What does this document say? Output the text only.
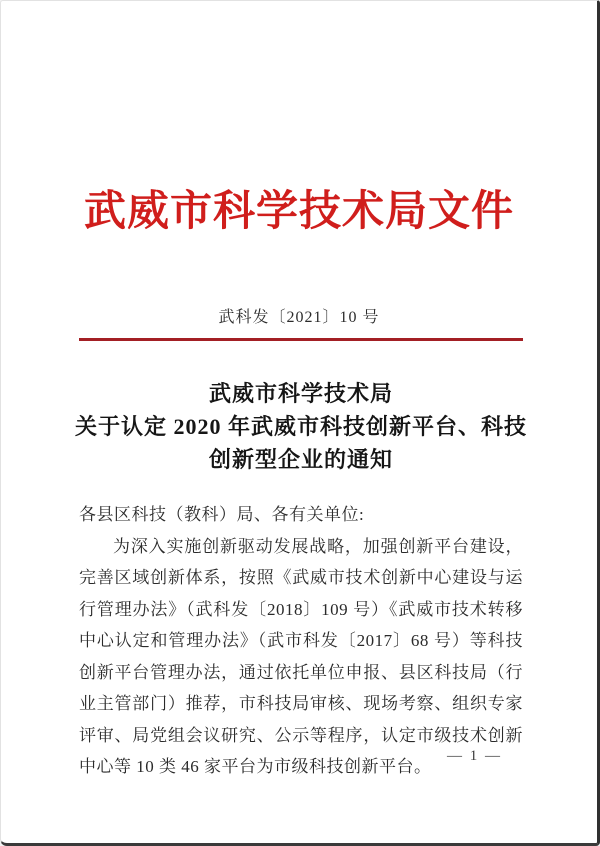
武威市科学技术局文件
武科发〔2021〕10 号
武威市科学技术局
关于认定 2020 年武威市科技创新平台、科技
创新型企业的通知
各县区科技（教科）局、各有关单位:

为深入实施创新驱动发展战略，加强创新平台建设，完善区域创新体系，按照《武威市技术创新中心建设与运行管理办法》（武科发〔2018〕109 号）《武威市技术转移中心认定和管理办法》（武市科发〔2017〕68 号）等科技创新平台管理办法，通过依托单位申报、县区科技局（行业主管部门）推荐，市科技局审核、现场考察、组织专家评审、局党组会议研究、公示等程序，认定市级技术创新中心等 10 类 46 家平台为市级科技创新平台。

— 1 —
